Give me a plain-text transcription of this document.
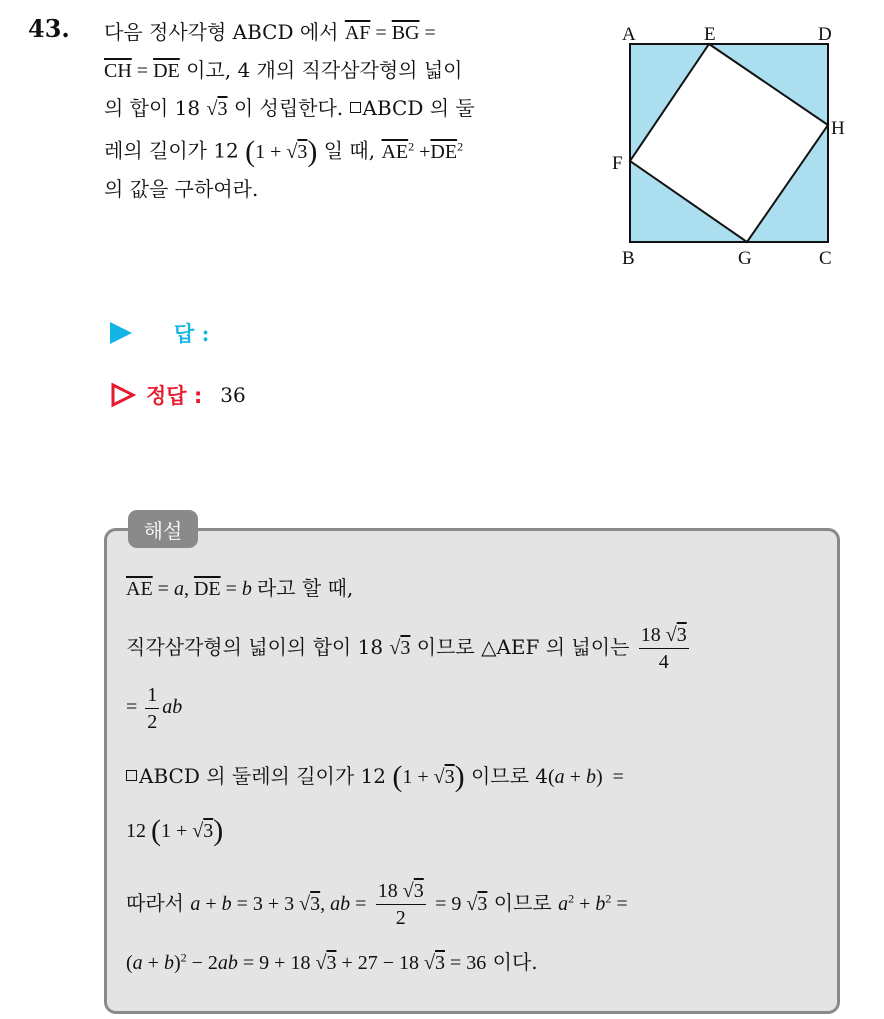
43. 다음 정사각형 ABCD 에서 $\overline{AF} = \overline{BG}$ =

$\overline{CH} = \overline{DE}$ 이고, 4 개의 직각삼각형의 넓이

의 합이 18 √3 이 성립한다. ABCD 의 둘

레의 길이가 12 (1 + √3) 일 때, $\overline{AE}^2 +\overline{DE}^2$

의 값을 구하여라.

A	E	D
H
F
B	G	C
답 :
정답 : 36
해설
$\overline{AE} = a$, $\overline{DE} = b$ 라고 할 때,
직각삼각형의 넓이의 합이 18 √3 이므로 △AEF 의 넓이는 $\frac{18 √3}{4}$
= $\frac{1}{2}$ ab
ABCD 의 둘레의 길이가 12 (1 + √3) 이므로 4(a + b)  =
12 (1 + √3)
따라서 a + b = 3 + 3 √3, ab = $\frac{18 √3}{2} = 9$ √3 이므로 $a^2 + b^2$ =
$(a + b)^2 - 2ab = 9 + 18$ √3 + 27 − 18 √3 = 36 이다.
